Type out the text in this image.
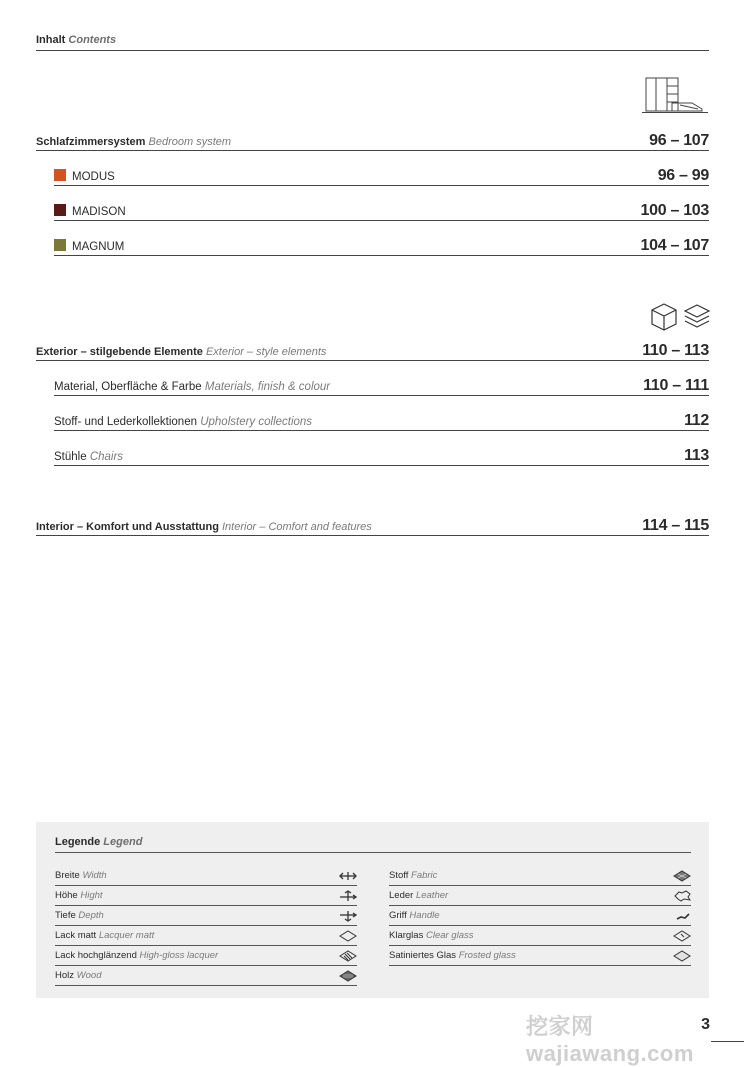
Inhalt Contents
Schlafzimmersystem Bedroom system	96 – 107
MODUS	96 – 99
MADISON	100 – 103
MAGNUM	104 – 107
Exterior – stilgebende Elemente Exterior – style elements	110 – 113
Material, Oberfläche & Farbe Materials, finish & colour	110 – 111
Stoff- und Lederkollektionen Upholstery collections	112
Stühle Chairs	113
Interior – Komfort und Ausstattung Interior – Comfort and features	114 – 115
Legende Legend
Breite Width
Höhe Hight
Tiefe Depth
Lack matt Lacquer matt
Lack hochglänzend High-gloss lacquer
Holz Wood
Stoff Fabric
Leder Leather
Griff Handle
Klarglas Clear glass
Satiniertes Glas Frosted glass
挖家网 wajiawang.com
3
